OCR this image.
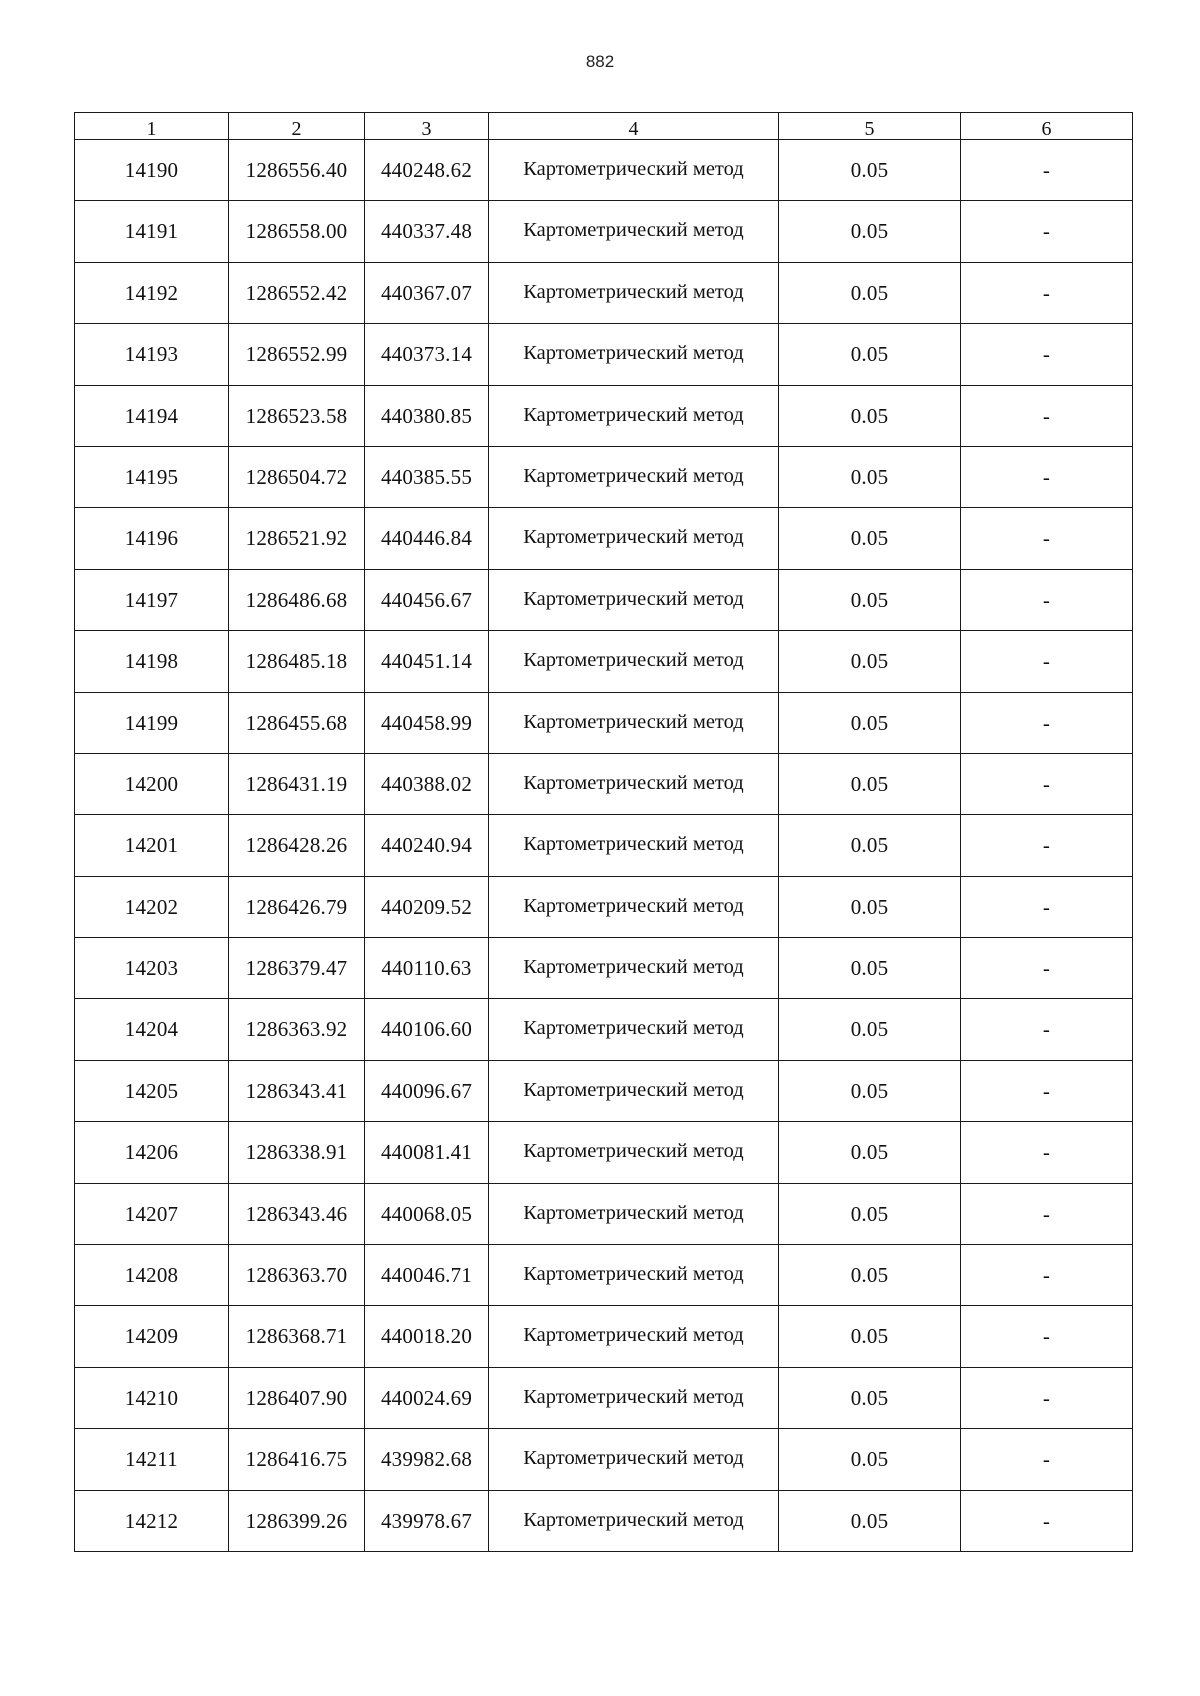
882
1	2	3	4	5	6
14190	1286556.40	440248.62	Картометрический метод	0.05	-
14191	1286558.00	440337.48	Картометрический метод	0.05	-
14192	1286552.42	440367.07	Картометрический метод	0.05	-
14193	1286552.99	440373.14	Картометрический метод	0.05	-
14194	1286523.58	440380.85	Картометрический метод	0.05	-
14195	1286504.72	440385.55	Картометрический метод	0.05	-
14196	1286521.92	440446.84	Картометрический метод	0.05	-
14197	1286486.68	440456.67	Картометрический метод	0.05	-
14198	1286485.18	440451.14	Картометрический метод	0.05	-
14199	1286455.68	440458.99	Картометрический метод	0.05	-
14200	1286431.19	440388.02	Картометрический метод	0.05	-
14201	1286428.26	440240.94	Картометрический метод	0.05	-
14202	1286426.79	440209.52	Картометрический метод	0.05	-
14203	1286379.47	440110.63	Картометрический метод	0.05	-
14204	1286363.92	440106.60	Картометрический метод	0.05	-
14205	1286343.41	440096.67	Картометрический метод	0.05	-
14206	1286338.91	440081.41	Картометрический метод	0.05	-
14207	1286343.46	440068.05	Картометрический метод	0.05	-
14208	1286363.70	440046.71	Картометрический метод	0.05	-
14209	1286368.71	440018.20	Картометрический метод	0.05	-
14210	1286407.90	440024.69	Картометрический метод	0.05	-
14211	1286416.75	439982.68	Картометрический метод	0.05	-
14212	1286399.26	439978.67	Картометрический метод	0.05	-
